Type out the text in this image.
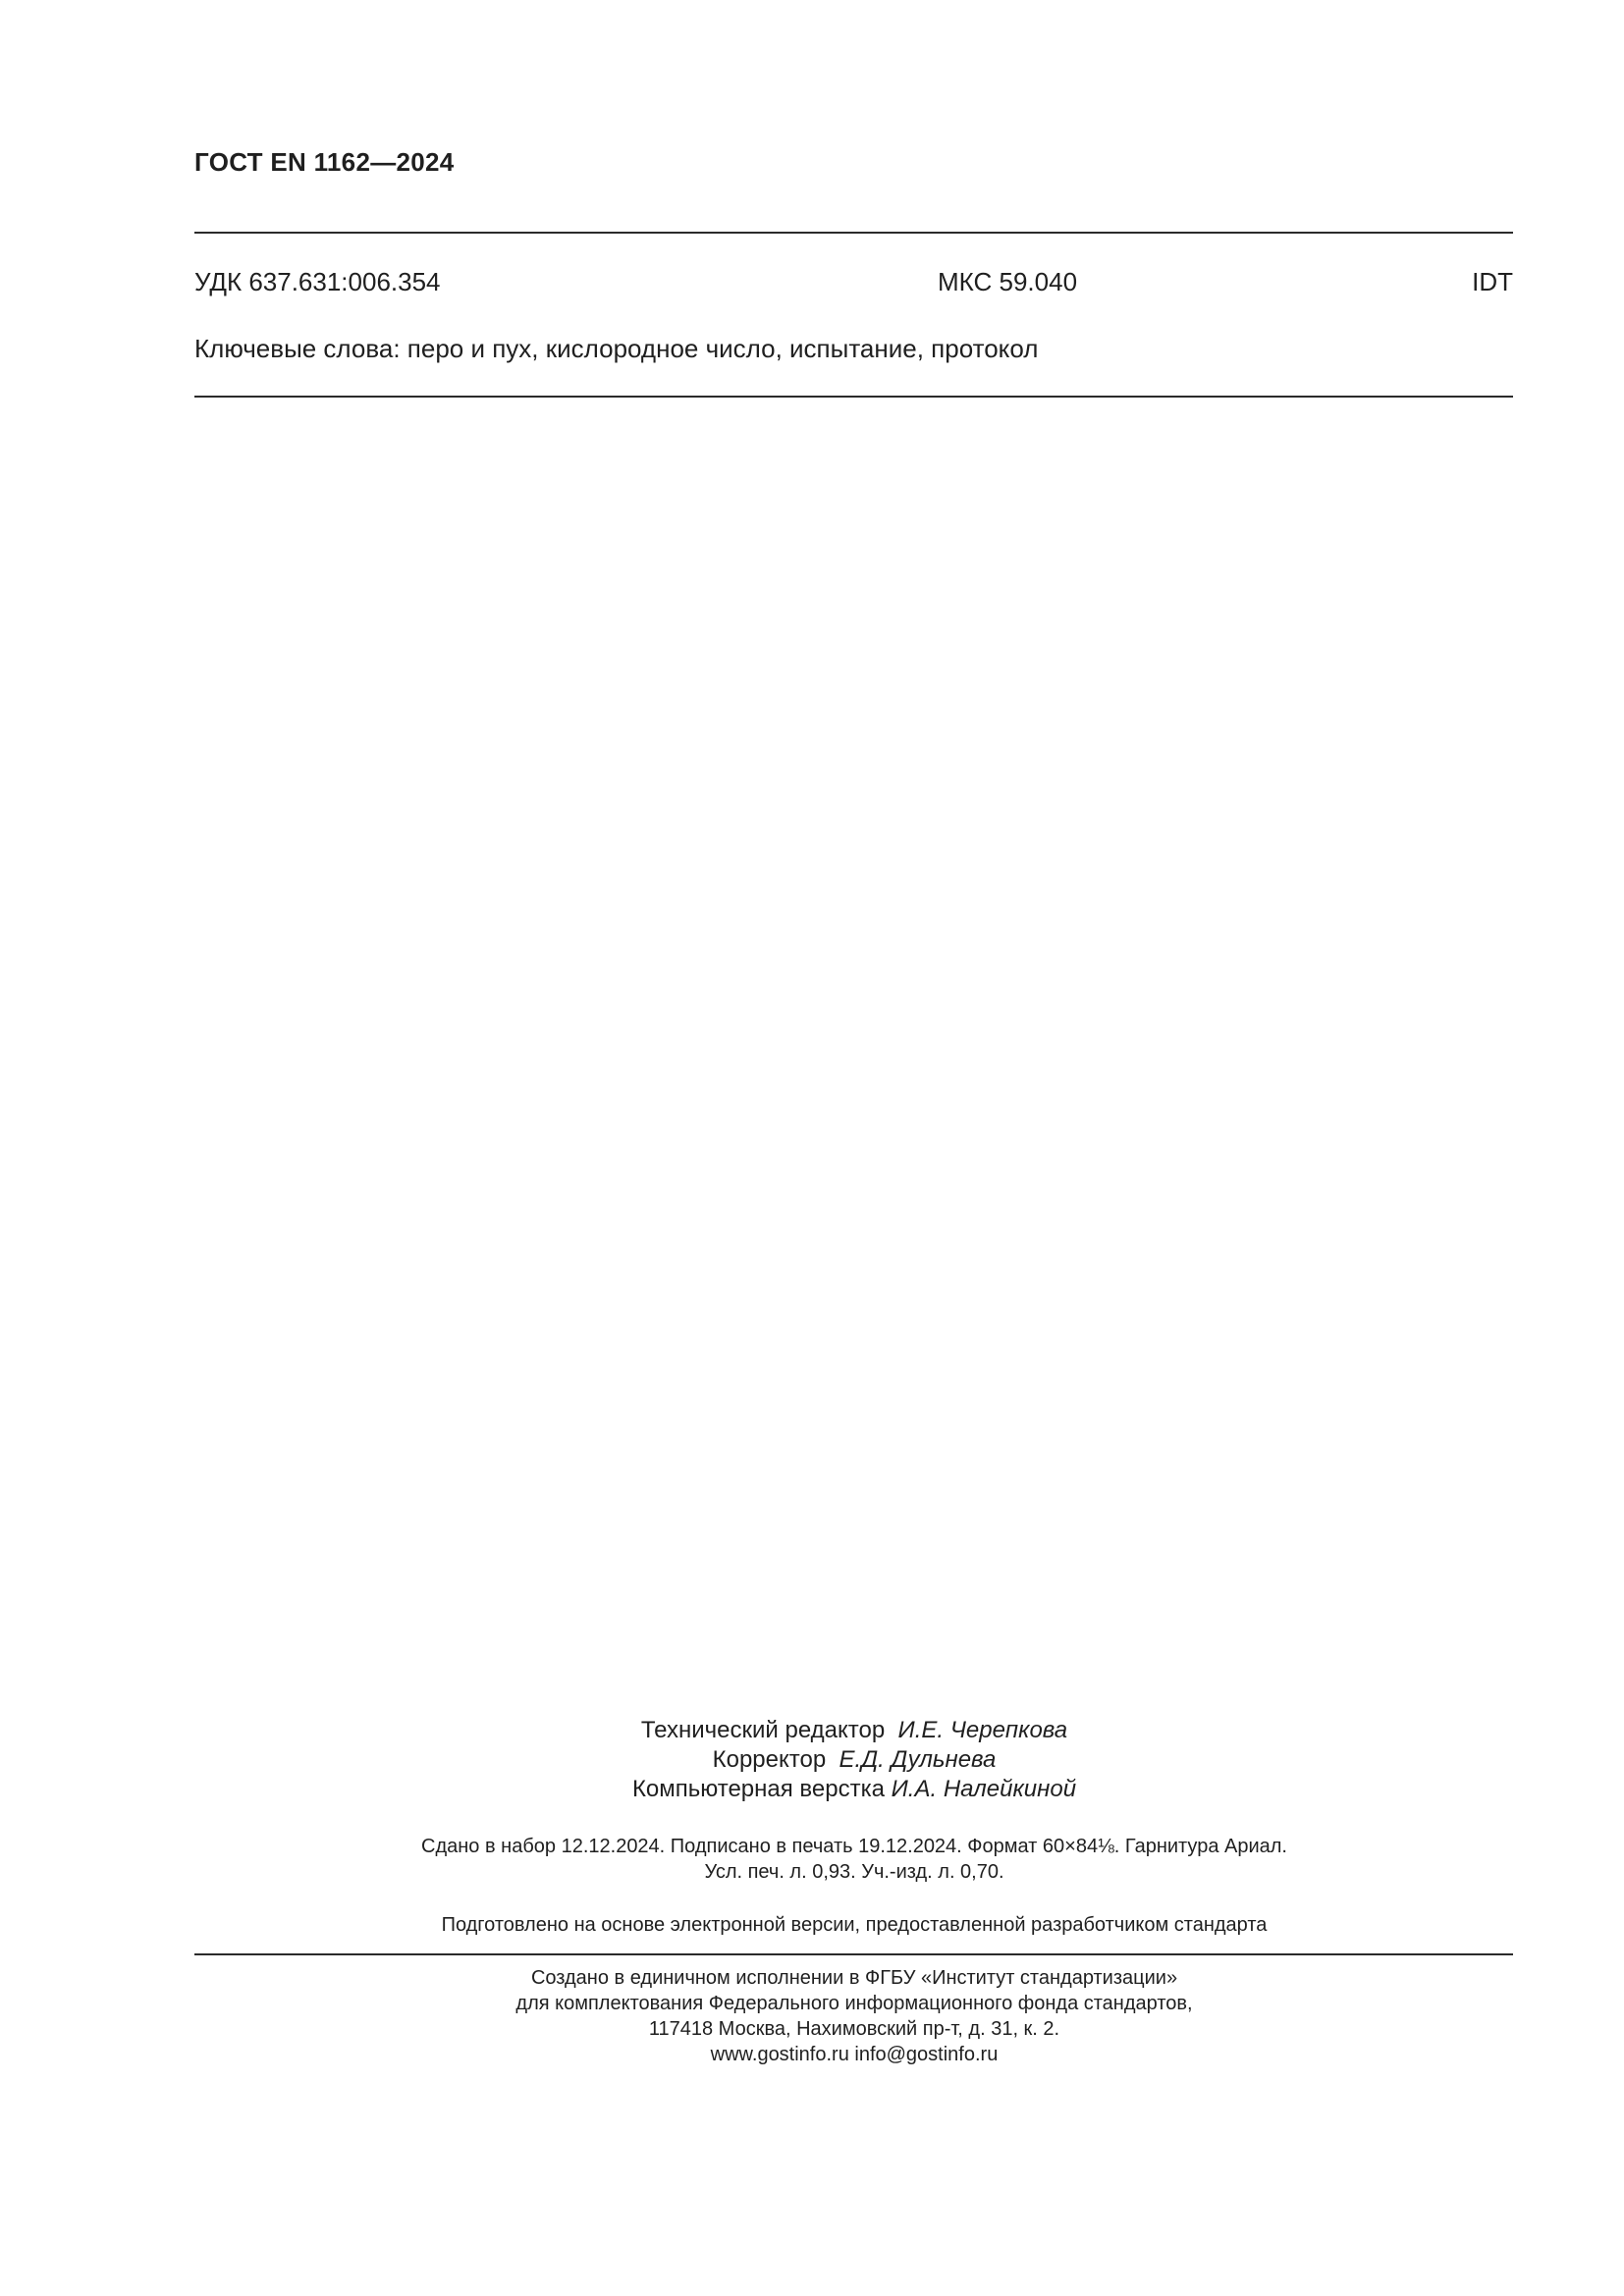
ГОСТ EN 1162—2024
УДК 637.631:006.354	МКС 59.040	IDT
Ключевые слова: перо и пух, кислородное число, испытание, протокол
Технический редактор И.Е. Черепкова
Корректор Е.Д. Дульнева
Компьютерная верстка И.А. Налейкиной
Сдано в набор 12.12.2024. Подписано в печать 19.12.2024. Формат 60×84⅛. Гарнитура Ариал.
Усл. печ. л. 0,93. Уч.-изд. л. 0,70.
Подготовлено на основе электронной версии, предоставленной разработчиком стандарта
Создано в единичном исполнении в ФГБУ «Институт стандартизации»
для комплектования Федерального информационного фонда стандартов,
117418 Москва, Нахимовский пр-т, д. 31, к. 2.
www.gostinfo.ru info@gostinfo.ru
